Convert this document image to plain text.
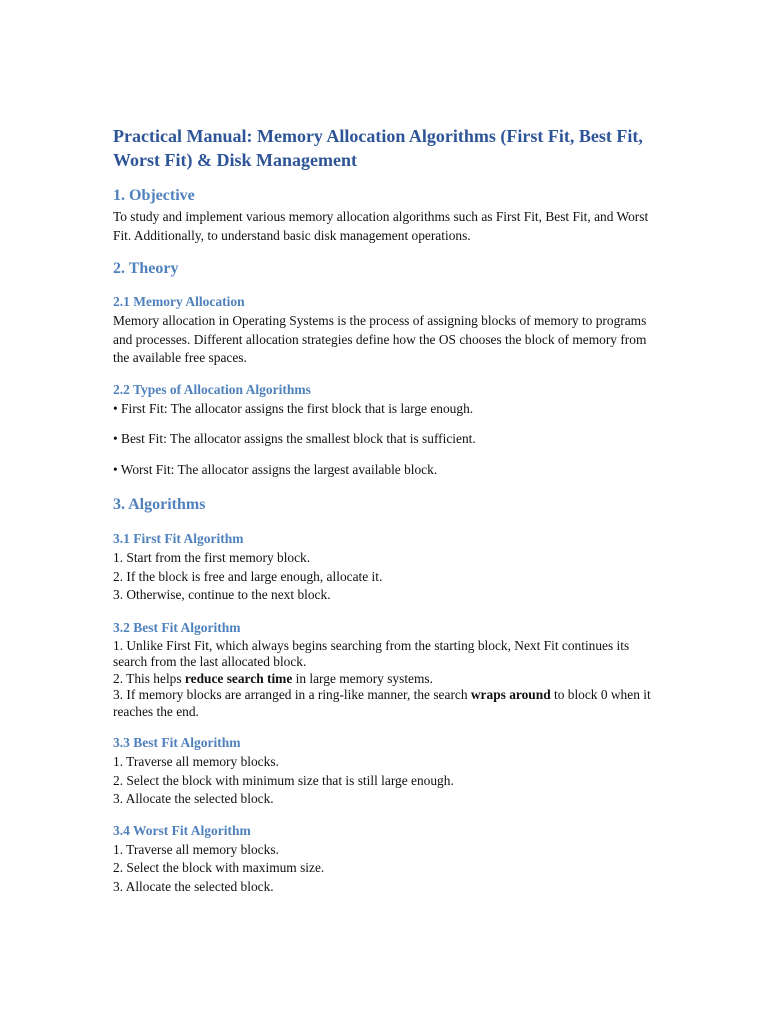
Practical Manual: Memory Allocation Algorithms (First Fit, Best Fit, Worst Fit) & Disk Management
1. Objective

To study and implement various memory allocation algorithms such as First Fit, Best Fit, and Worst Fit. Additionally, to understand basic disk management operations.

2. Theory
2.1 Memory Allocation

Memory allocation in Operating Systems is the process of assigning blocks of memory to programs and processes. Different allocation strategies define how the OS chooses the block of memory from the available free spaces.

2.2 Types of Allocation Algorithms

• First Fit: The allocator assigns the first block that is large enough.

• Best Fit: The allocator assigns the smallest block that is sufficient.

• Worst Fit: The allocator assigns the largest available block.

3. Algorithms
3.1 First Fit Algorithm

1. Start from the first memory block.

2. If the block is free and large enough, allocate it.

3. Otherwise, continue to the next block.

3.2 Best Fit Algorithm

1. Unlike First Fit, which always begins searching from the starting block, Next Fit continues its search from the last allocated block.

2. This helps reduce search time in large memory systems.

3. If memory blocks are arranged in a ring-like manner, the search wraps around to block 0 when it reaches the end.

3.3 Best Fit Algorithm

1. Traverse all memory blocks.

2. Select the block with minimum size that is still large enough.

3. Allocate the selected block.

3.4 Worst Fit Algorithm

1. Traverse all memory blocks.

2. Select the block with maximum size.

3. Allocate the selected block.
